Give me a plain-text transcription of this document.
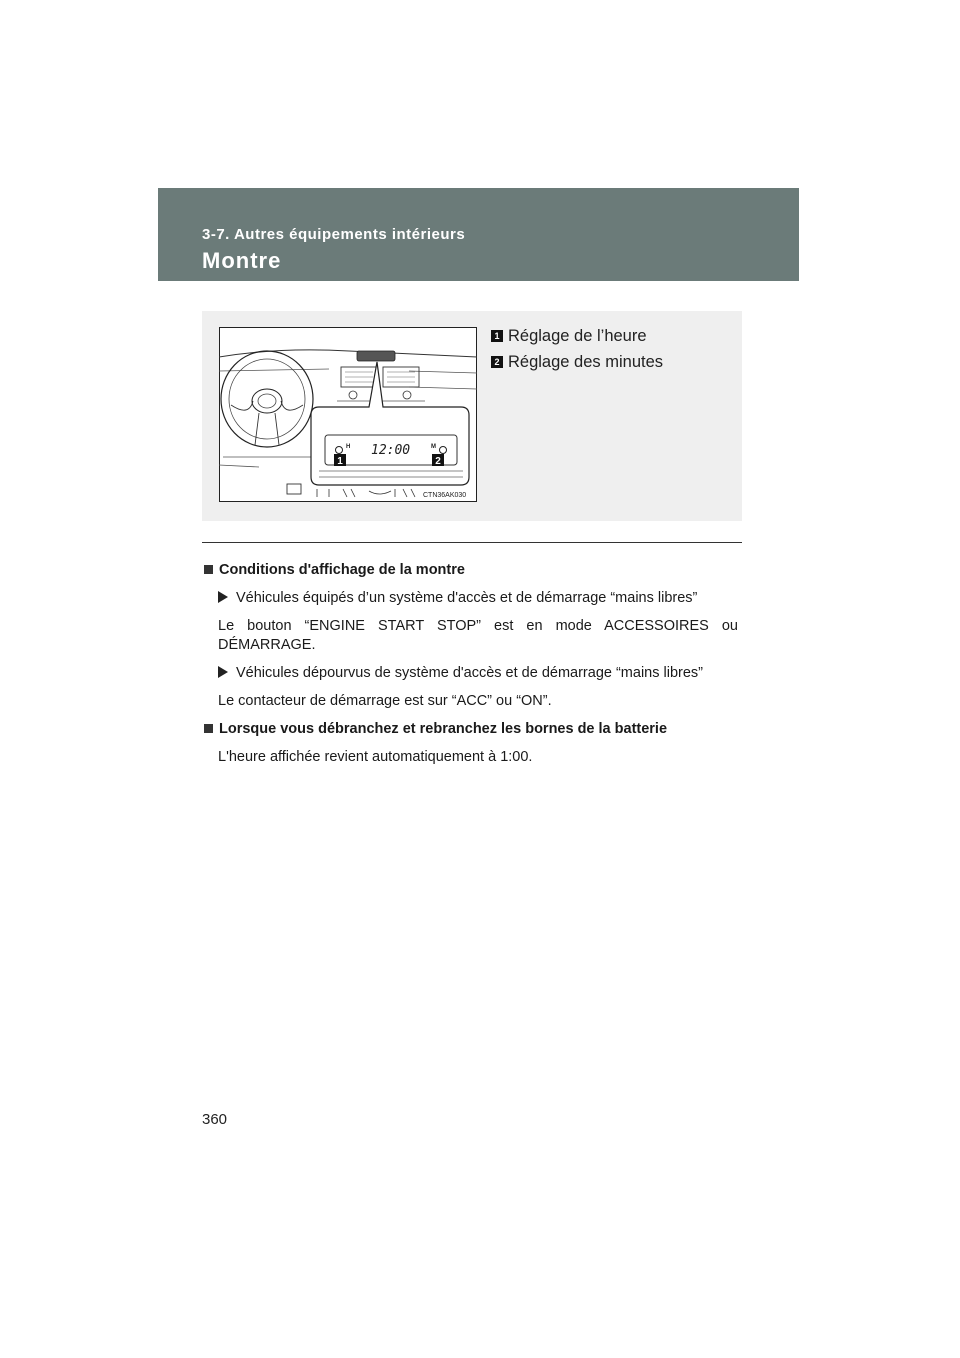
3-7. Autres équipements intérieurs
Montre
H	M
12:00
1	2
CTN36AK030
1 Réglage de l’heure
2 Réglage des minutes
Conditions d'affichage de la montre
Véhicules équipés d’un système d'accès et de démarrage “mains libres”
Le bouton “ENGINE START STOP” est en mode ACCESSOIRES ou DÉMARRAGE.
Véhicules dépourvus de système d'accès et de démarrage “mains libres”
Le contacteur de démarrage est sur “ACC” ou “ON”.
Lorsque vous débranchez et rebranchez les bornes de la batterie
L'heure affichée revient automatiquement à 1:00.
360
